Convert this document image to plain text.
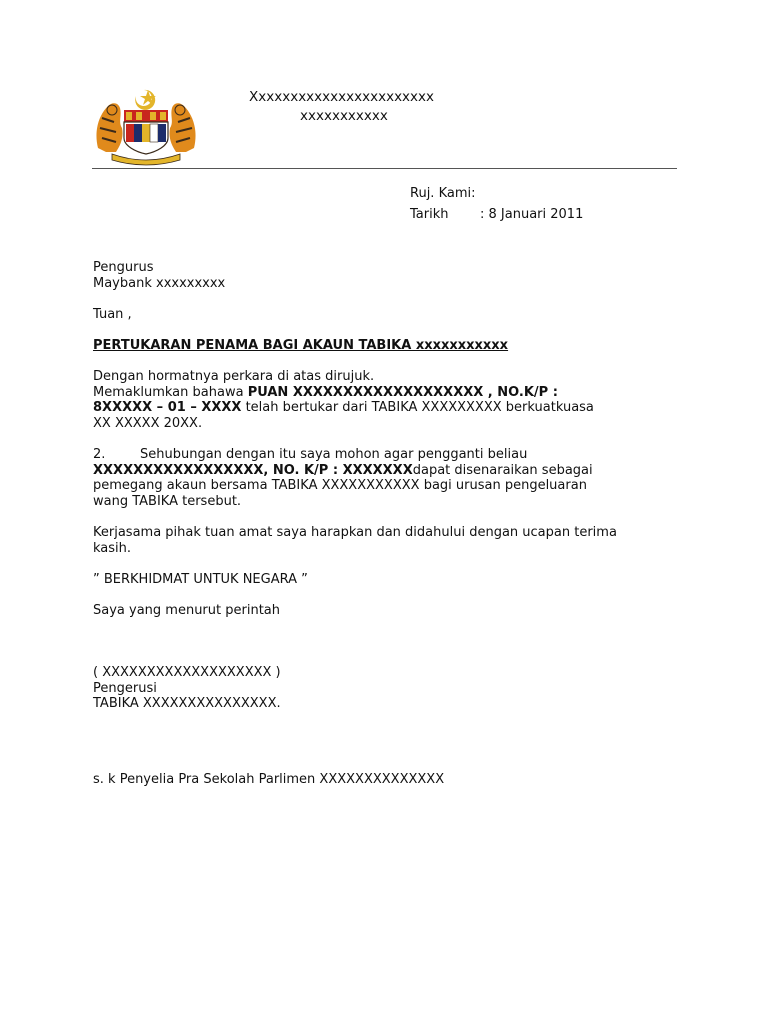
Xxxxxxxxxxxxxxxxxxxxxxx
xxxxxxxxxxx
Ruj. Kami:
Tarikh : 8 Januari 2011
Pengurus
Maybank xxxxxxxxx
Tuan ,
PERTUKARAN PENAMA BAGI AKAUN TABIKA xxxxxxxxxxx
Dengan hormatnya perkara di atas dirujuk.
Memaklumkan bahawa PUAN XXXXXXXXXXXXXXXXXXX , NO.K/P :
8XXXXX – 01 – XXXX telah bertukar dari TABIKA XXXXXXXXX berkuatkuasa
XX XXXXX 20XX.
2.	Sehubungan dengan itu saya mohon agar pengganti beliau
XXXXXXXXXXXXXXXXX, NO. K/P : XXXXXXXdapat disenaraikan sebagai
pemegang akaun bersama TABIKA XXXXXXXXXXX bagi urusan pengeluaran
wang TABIKA tersebut.
Kerjasama pihak tuan amat saya harapkan dan didahului dengan ucapan terima
kasih.
” BERKHIDMAT UNTUK NEGARA ”
Saya yang menurut perintah
( XXXXXXXXXXXXXXXXXXX )
Pengerusi
TABIKA XXXXXXXXXXXXXXX.
s. k Penyelia Pra Sekolah Parlimen XXXXXXXXXXXXXX
